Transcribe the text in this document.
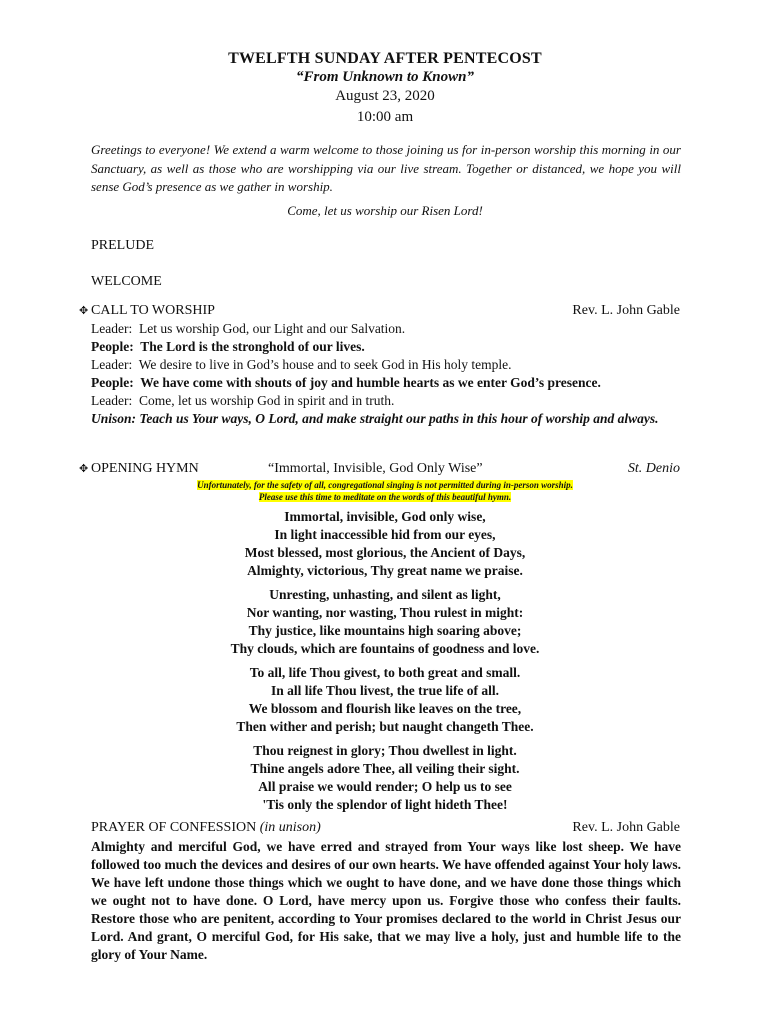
TWELFTH SUNDAY AFTER PENTECOST
“From Unknown to Known”
August 23, 2020
10:00 am
Greetings to everyone! We extend a warm welcome to those joining us for in-person worship this morning in our Sanctuary, as well as those who are worshipping via our live stream. Together or distanced, we hope you will sense God’s presence as we gather in worship.
Come, let us worship our Risen Lord!
PRELUDE
WELCOME
✥ CALL TO WORSHIP	Rev. L. John Gable
Leader: Let us worship God, our Light and our Salvation.
People: The Lord is the stronghold of our lives.
Leader: We desire to live in God’s house and to seek God in His holy temple.
People: We have come with shouts of joy and humble hearts as we enter God’s presence.
Leader: Come, let us worship God in spirit and in truth.
Unison: Teach us Your ways, O Lord, and make straight our paths in this hour of worship and always.
✥ OPENING HYMN	“Immortal, Invisible, God Only Wise”	St. Denio
Unfortunately, for the safety of all, congregational singing is not permitted during in-person worship.
Please use this time to meditate on the words of this beautiful hymn.
Immortal, invisible, God only wise,
In light inaccessible hid from our eyes,
Most blessed, most glorious, the Ancient of Days,
Almighty, victorious, Thy great name we praise.
Unresting, unhasting, and silent as light,
Nor wanting, nor wasting, Thou rulest in might:
Thy justice, like mountains high soaring above;
Thy clouds, which are fountains of goodness and love.
To all, life Thou givest, to both great and small.
In all life Thou livest, the true life of all.
We blossom and flourish like leaves on the tree,
Then wither and perish; but naught changeth Thee.
Thou reignest in glory; Thou dwellest in light.
Thine angels adore Thee, all veiling their sight.
All praise we would render; O help us to see
'Tis only the splendor of light hideth Thee!
PRAYER OF CONFESSION (in unison)	Rev. L. John Gable
Almighty and merciful God, we have erred and strayed from Your ways like lost sheep. We have followed too much the devices and desires of our own hearts. We have offended against Your holy laws. We have left undone those things which we ought to have done, and we have done those things which we ought not to have done. O Lord, have mercy upon us. Forgive those who confess their faults. Restore those who are penitent, according to Your promises declared to the world in Christ Jesus our Lord. And grant, O merciful God, for His sake, that we may live a holy, just and humble life to the glory of Your Name.
